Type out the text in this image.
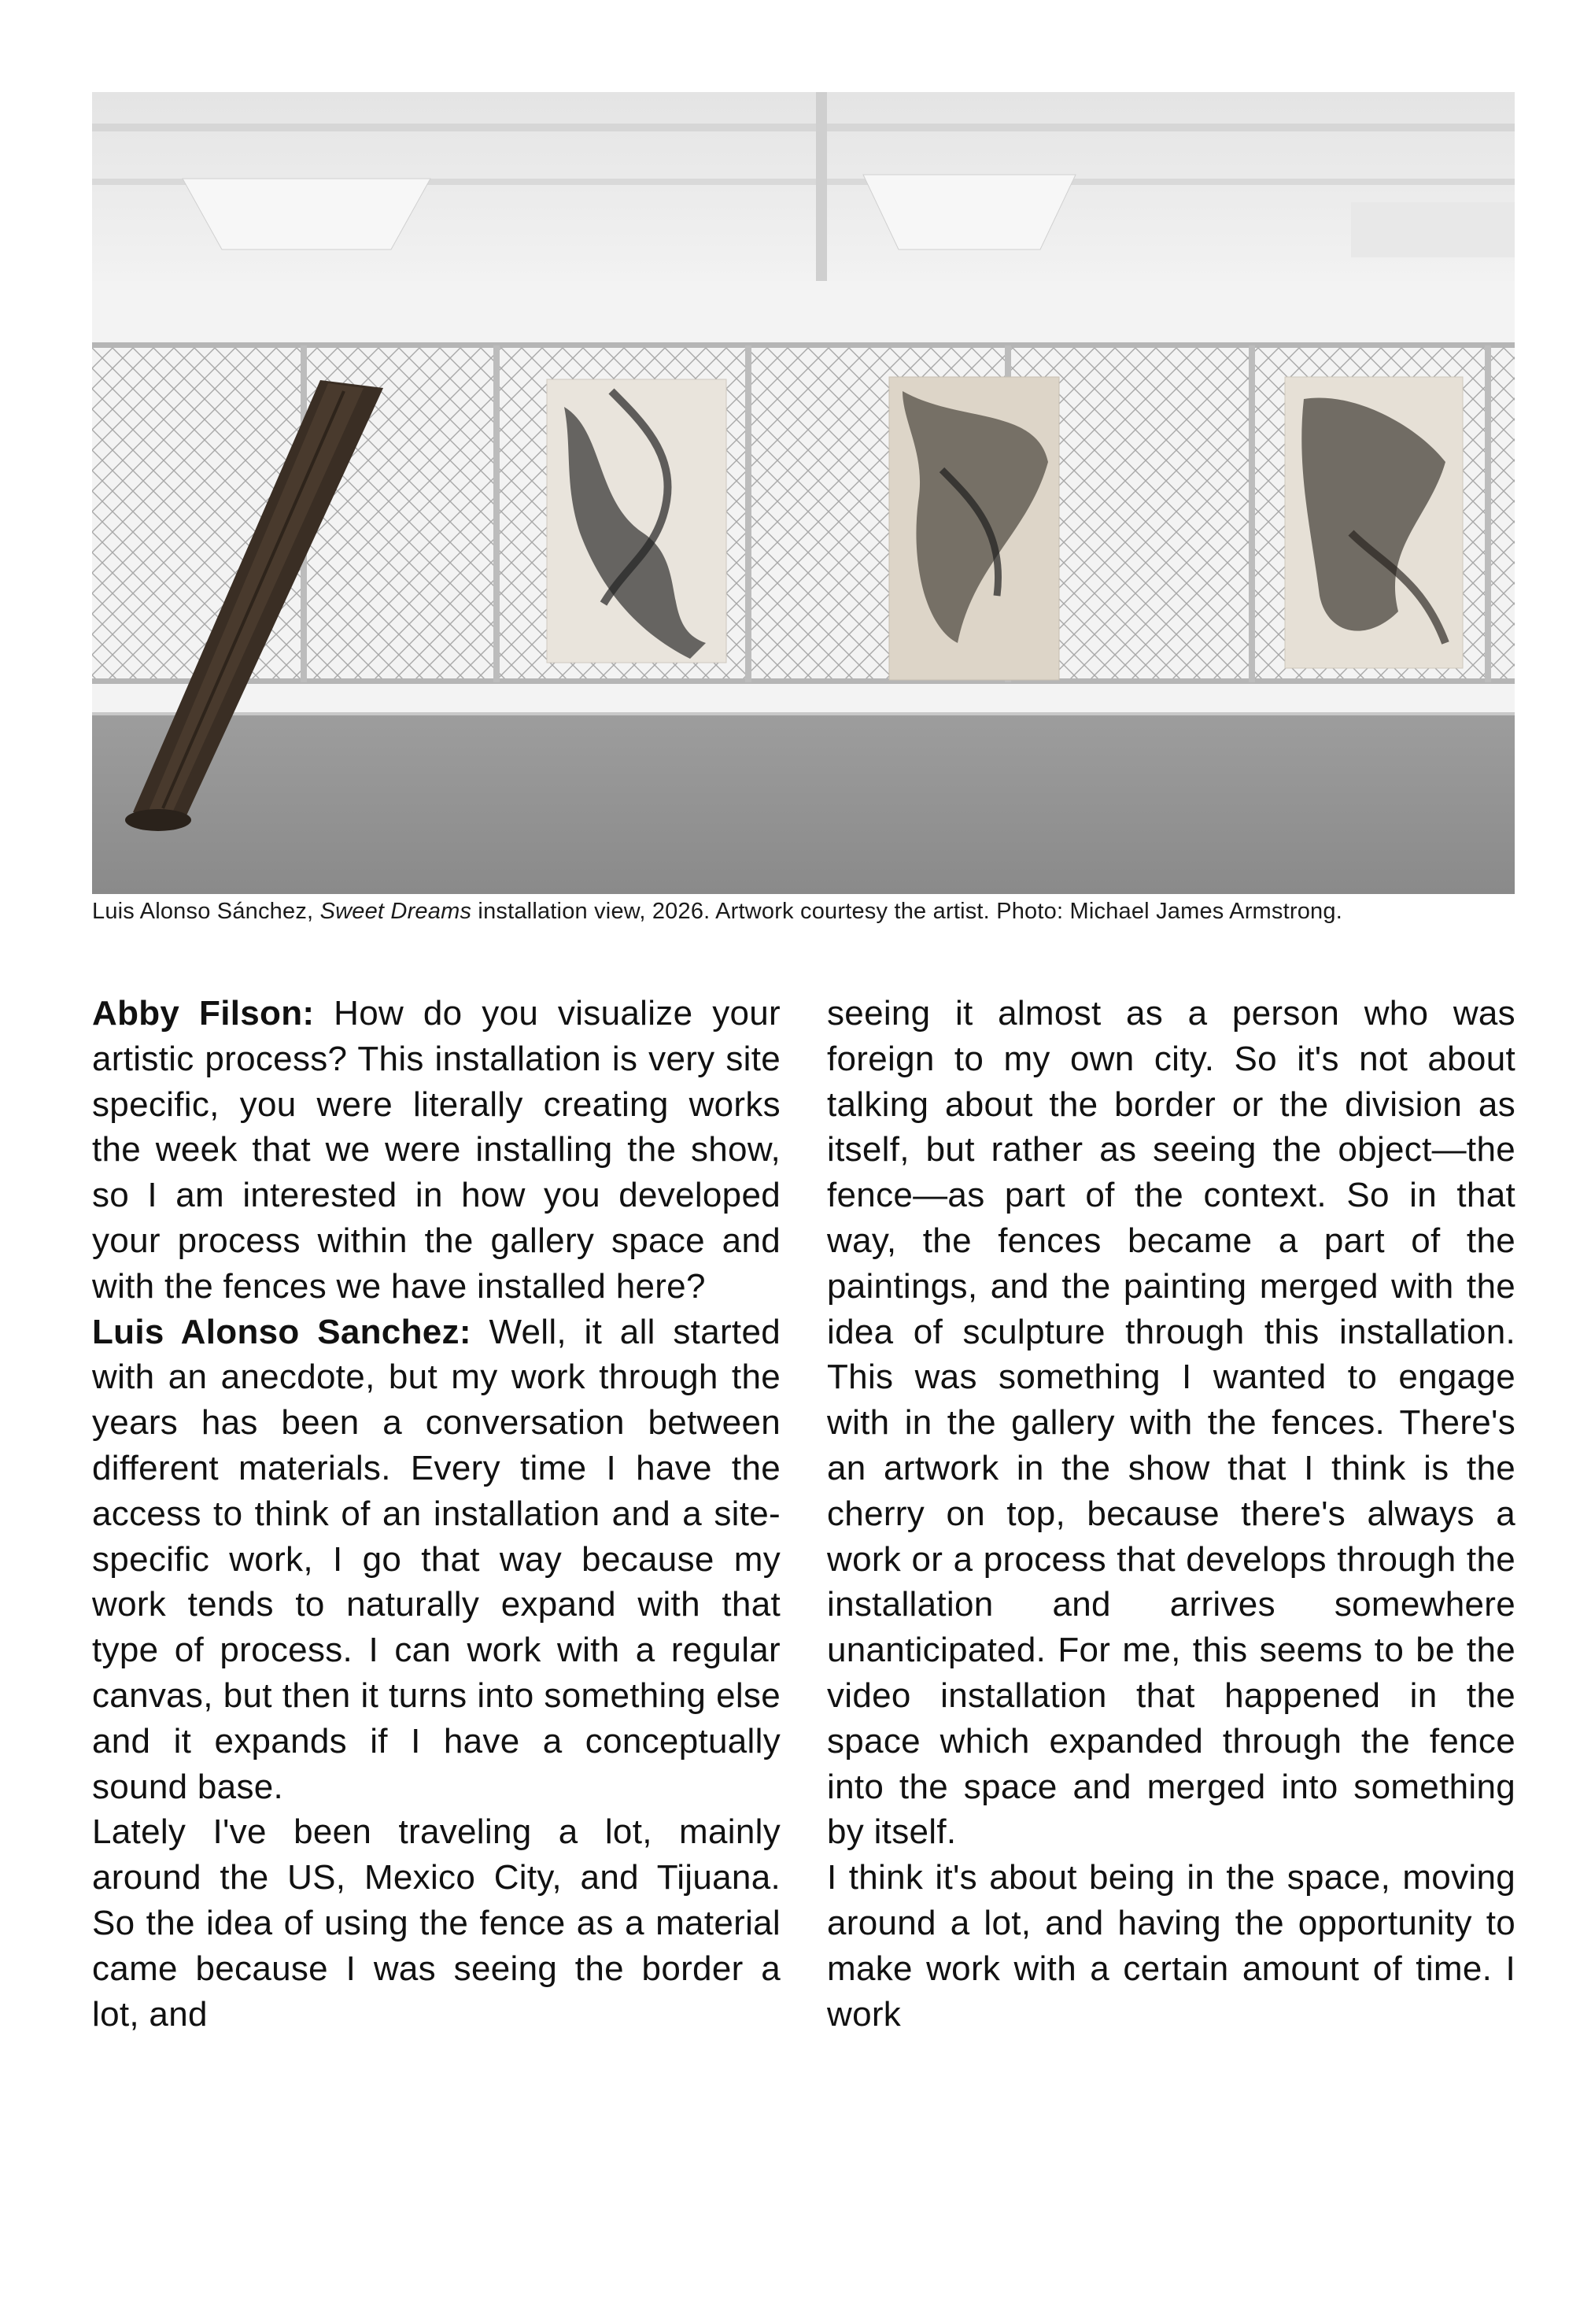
Luis Alonso Sánchez, Sweet Dreams installation view, 2026. Artwork courtesy the artist. Photo: Michael James Armstrong.

Abby Filson: How do you visualize your artistic process? This installation is very site specific, you were literally creating works the week that we were installing the show, so I am interested in how you developed your process within the gallery space and with the fences we have installed here?

Luis Alonso Sanchez: Well, it all started with an anecdote, but my work through the years has been a conversation between different materials. Every time I have the access to think of an installation and a site-specific work, I go that way because my work tends to naturally expand with that type of process. I can work with a regular canvas, but then it turns into something else and it expands if I have a conceptually sound base.

Lately I've been traveling a lot, mainly around the US, Mexico City, and Tijuana. So the idea of using the fence as a material came because I was seeing the border a lot, and

seeing it almost as a person who was foreign to my own city. So it's not about talking about the border or the division as itself, but rather as seeing the object—the fence—as part of the context. So in that way, the fences became a part of the paintings, and the painting merged with the idea of sculpture through this installation. This was something I wanted to engage with in the gallery with the fences. There's an artwork in the show that I think is the cherry on top, because there's always a work or a process that develops through the installation and arrives somewhere unanticipated. For me, this seems to be the video installation that happened in the space which expanded through the fence into the space and merged into something by itself.

I think it's about being in the space, moving around a lot, and having the opportunity to make work with a certain amount of time. I work
